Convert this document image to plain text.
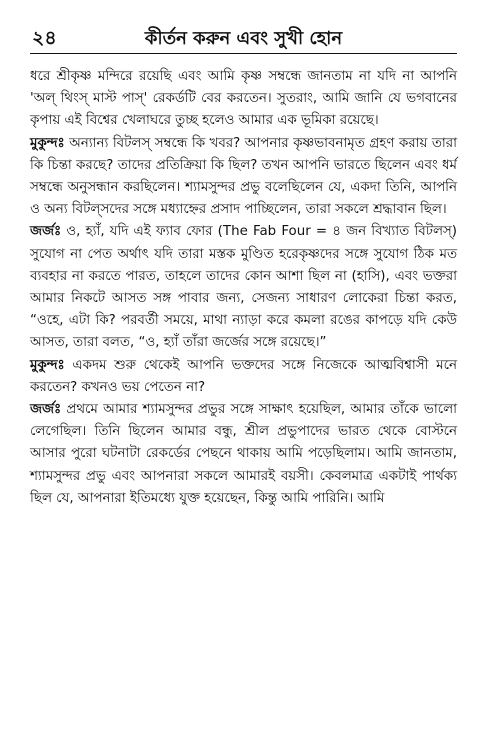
২৪	কীর্তন করুন এবং সুখী হোন

ধরে শ্রীকৃষ্ণ মন্দিরে রয়েছি এবং আমি কৃষ্ণ সম্বন্ধে জানতাম না যদি না আপনি 'অল্ থিংস্ মাস্ট পাস্' রেকর্ডটি বের করতেন। সুতরাং, আমি জানি যে ভগবানের কৃপায় এই বিশ্বের খেলাঘরে তুচ্ছ হলেও আমার এক ভূমিকা রয়েছে।

মুকুন্দঃ অন্যান্য বিটলস্ সম্বন্ধে কি খবর? আপনার কৃষ্ণভাবনামৃত গ্রহণ করায় তারা কি চিন্তা করছে? তাদের প্রতিক্রিয়া কি ছিল? তখন আপনি ভারতে ছিলেন এবং ধর্ম সম্বন্ধে অনুসন্ধান করছিলেন। শ্যামসুন্দর প্রভু বলেছিলেন যে, একদা তিনি, আপনি ও অন্য বিটল্সদের সঙ্গে মধ্যাহ্নের প্রসাদ পাচ্ছিলেন, তারা সকলে শ্রদ্ধাবান ছিল।

জর্জঃ ও, হ্যাঁ, যদি এই ফ্যাব ফোর (The Fab Four = ৪ জন বিখ্যাত বিটলস্) সুযোগ না পেত অর্থাৎ যদি তারা মস্তক মুণ্ডিত হরেকৃষ্ণদের সঙ্গে সুযোগ ঠিক মত ব্যবহার না করতে পারত, তাহলে তাদের কোন আশা ছিল না (হাসি), এবং ভক্তরা আমার নিকটে আসত সঙ্গ পাবার জন্য, সেজন্য সাধারণ লোকেরা চিন্তা করত, “ওহে, এটা কি? পরবর্তী সময়ে, মাথা ন্যাড়া করে কমলা রঙের কাপড়ে যদি কেউ আসত, তারা বলত, “ও, হ্যাঁ তাঁরা জর্জের সঙ্গে রয়েছে।”

মুকুন্দঃ একদম শুরু থেকেই আপনি ভক্তদের সঙ্গে নিজেকে আত্মবিশ্বাসী মনে করতেন? কখনও ভয় পেতেন না?

জর্জঃ প্রথমে আমার শ্যামসুন্দর প্রভুর সঙ্গে সাক্ষাৎ হয়েছিল, আমার তাঁকে ভালো লেগেছিল। তিনি ছিলেন আমার বন্ধু, শ্রীল প্রভুপাদের ভারত থেকে বোস্টনে আসার পুরো ঘটনাটা রেকর্ডের পেছনে থাকায় আমি পড়েছিলাম। আমি জানতাম, শ্যামসুন্দর প্রভু এবং আপনারা সকলে আমারই বয়সী। কেবলমাত্র একটাই পার্থক্য ছিল যে, আপনারা ইতিমধ্যে যুক্ত হয়েছেন, কিন্তু আমি পারিনি। আমি
